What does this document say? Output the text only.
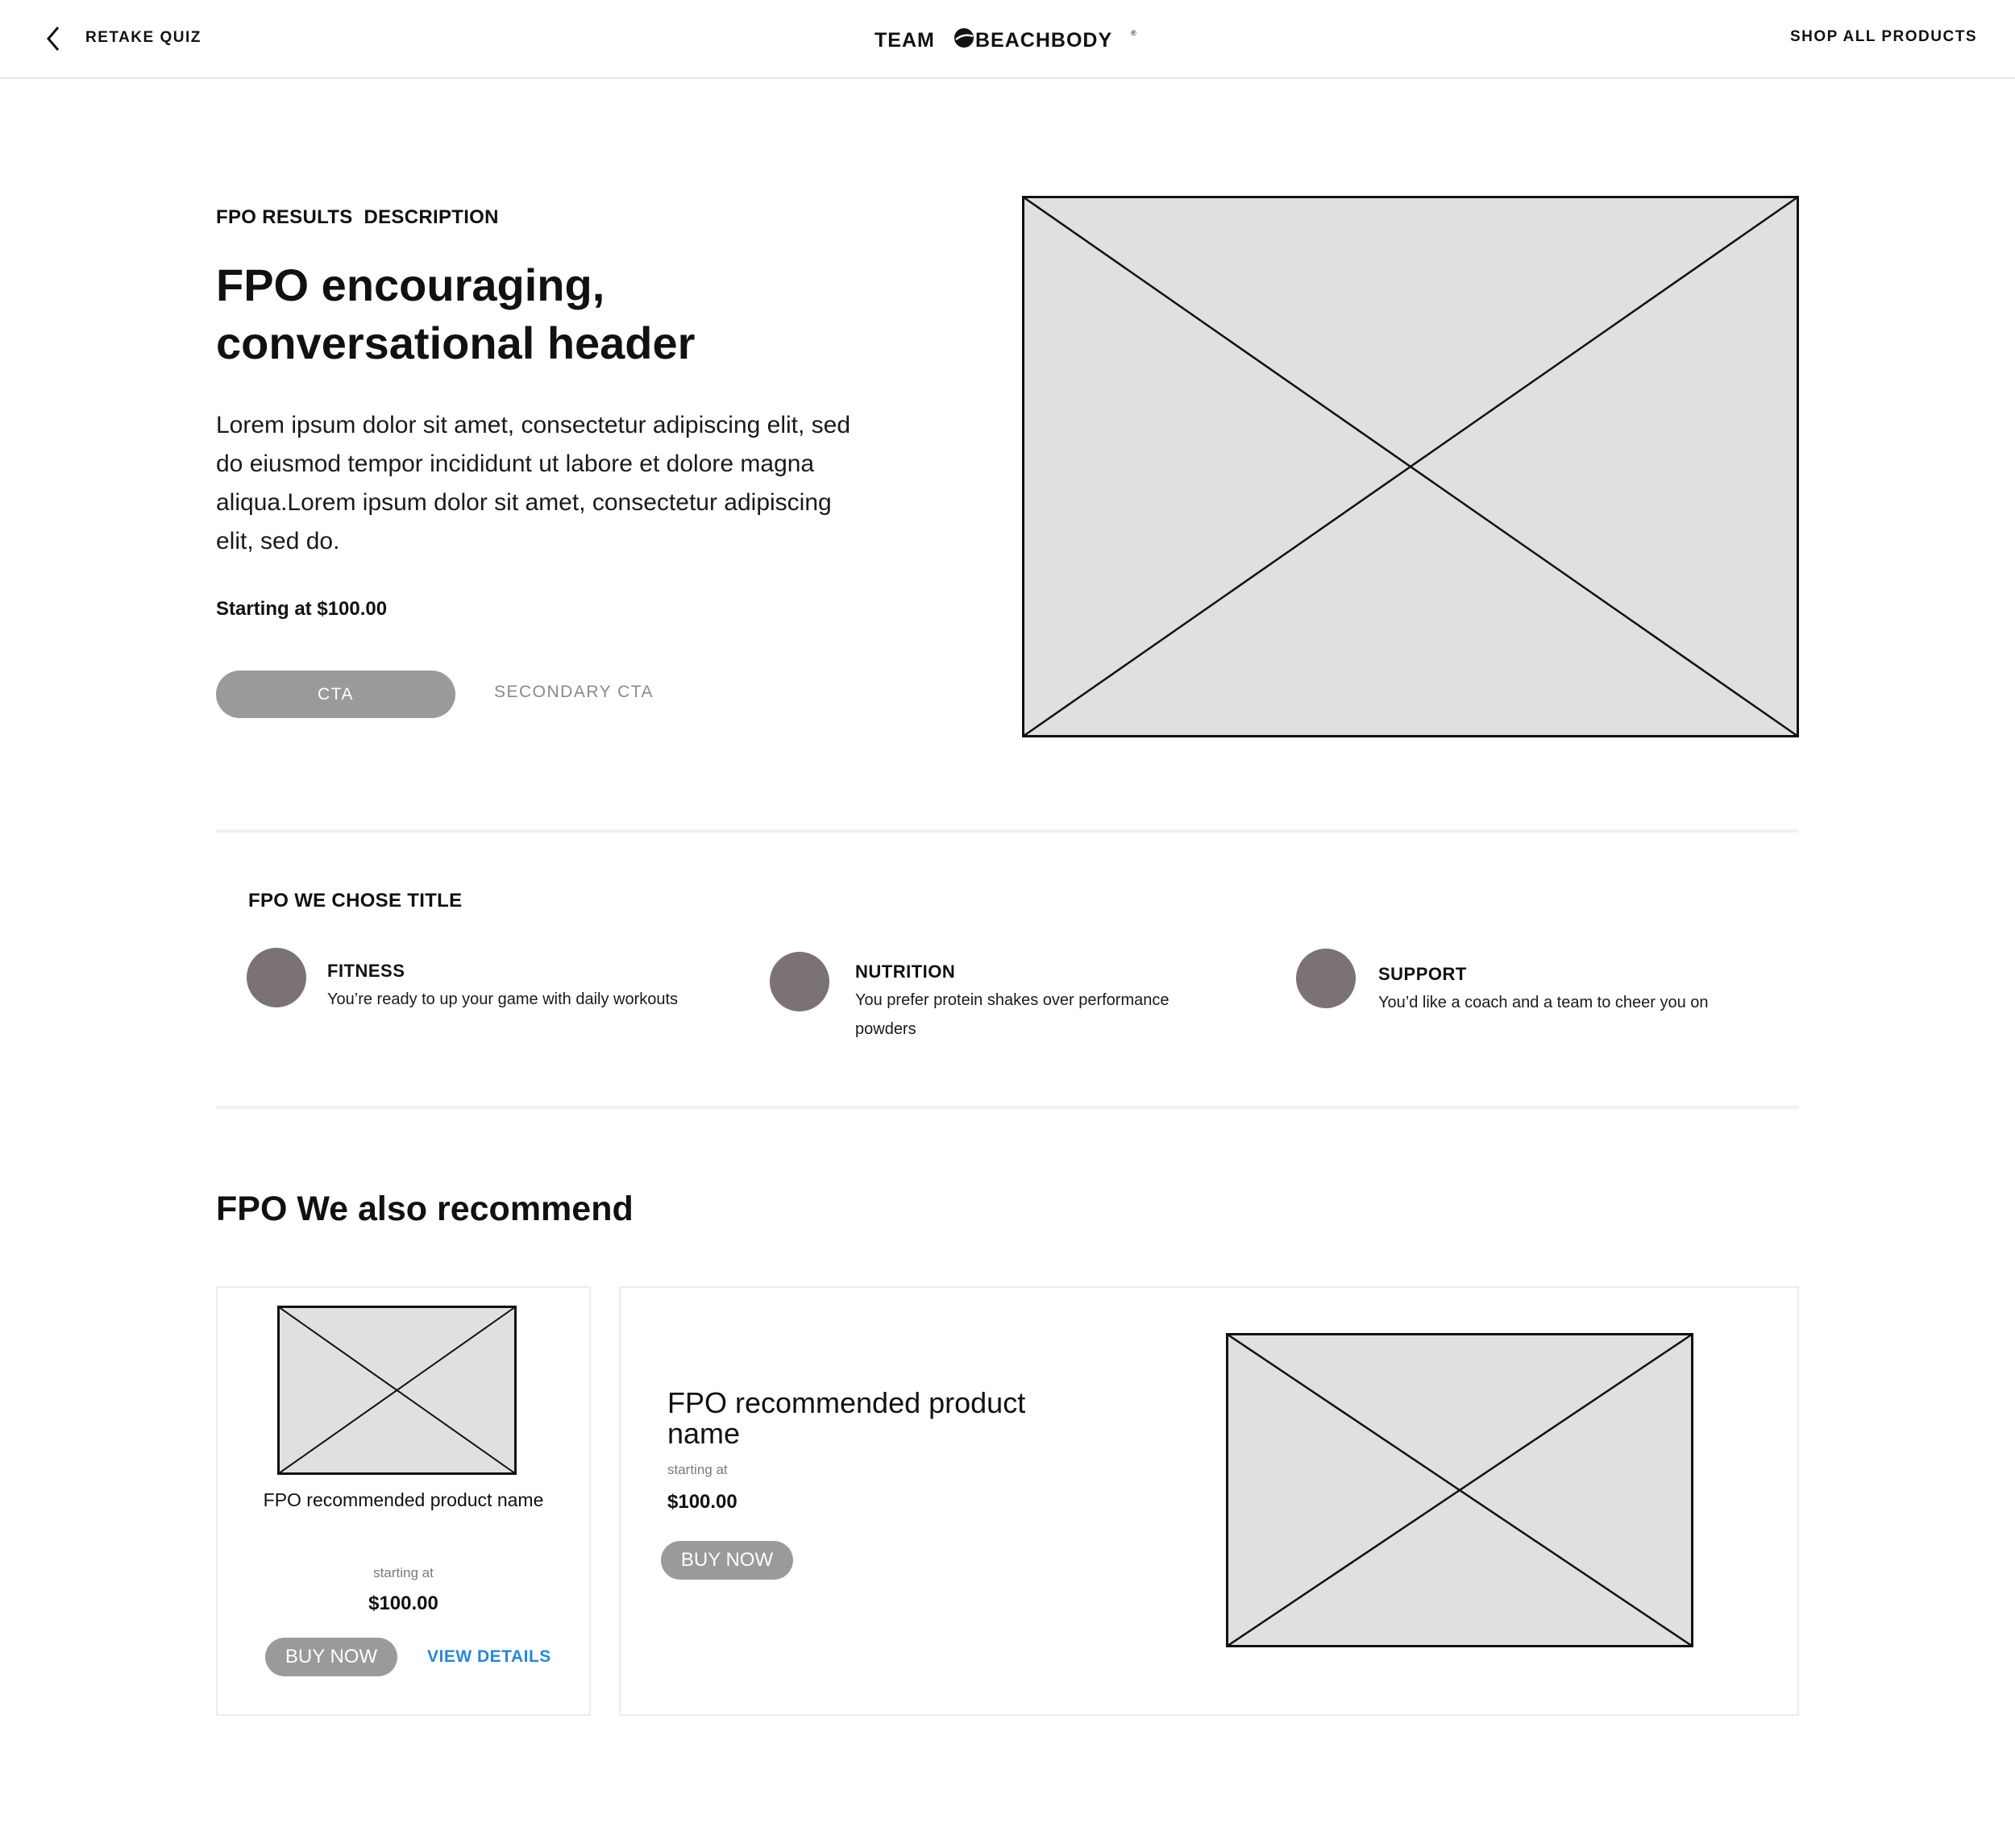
RETAKE QUIZ	TEAM BEACHBODY	®	SHOP ALL PRODUCTS
FPO RESULTS  DESCRIPTION
FPO encouraging, conversational header

Lorem ipsum dolor sit amet, consectetur adipiscing elit, sed do eiusmod tempor incididunt ut labore et dolore magna aliqua.Lorem ipsum dolor sit amet, consectetur adipiscing elit, sed do.

Starting at $100.00
CTA	SECONDARY CTA
FPO WE CHOSE TITLE
FITNESS

You’re ready to up your game with daily workouts

NUTRITION

You prefer protein shakes over performance powders

SUPPORT

You’d like a coach and a team to cheer you on

FPO We also recommend
FPO recommended product name
starting at
$100.00
BUY NOW	VIEW DETAILS
FPO recommended product name
starting at
$100.00
BUY NOW
